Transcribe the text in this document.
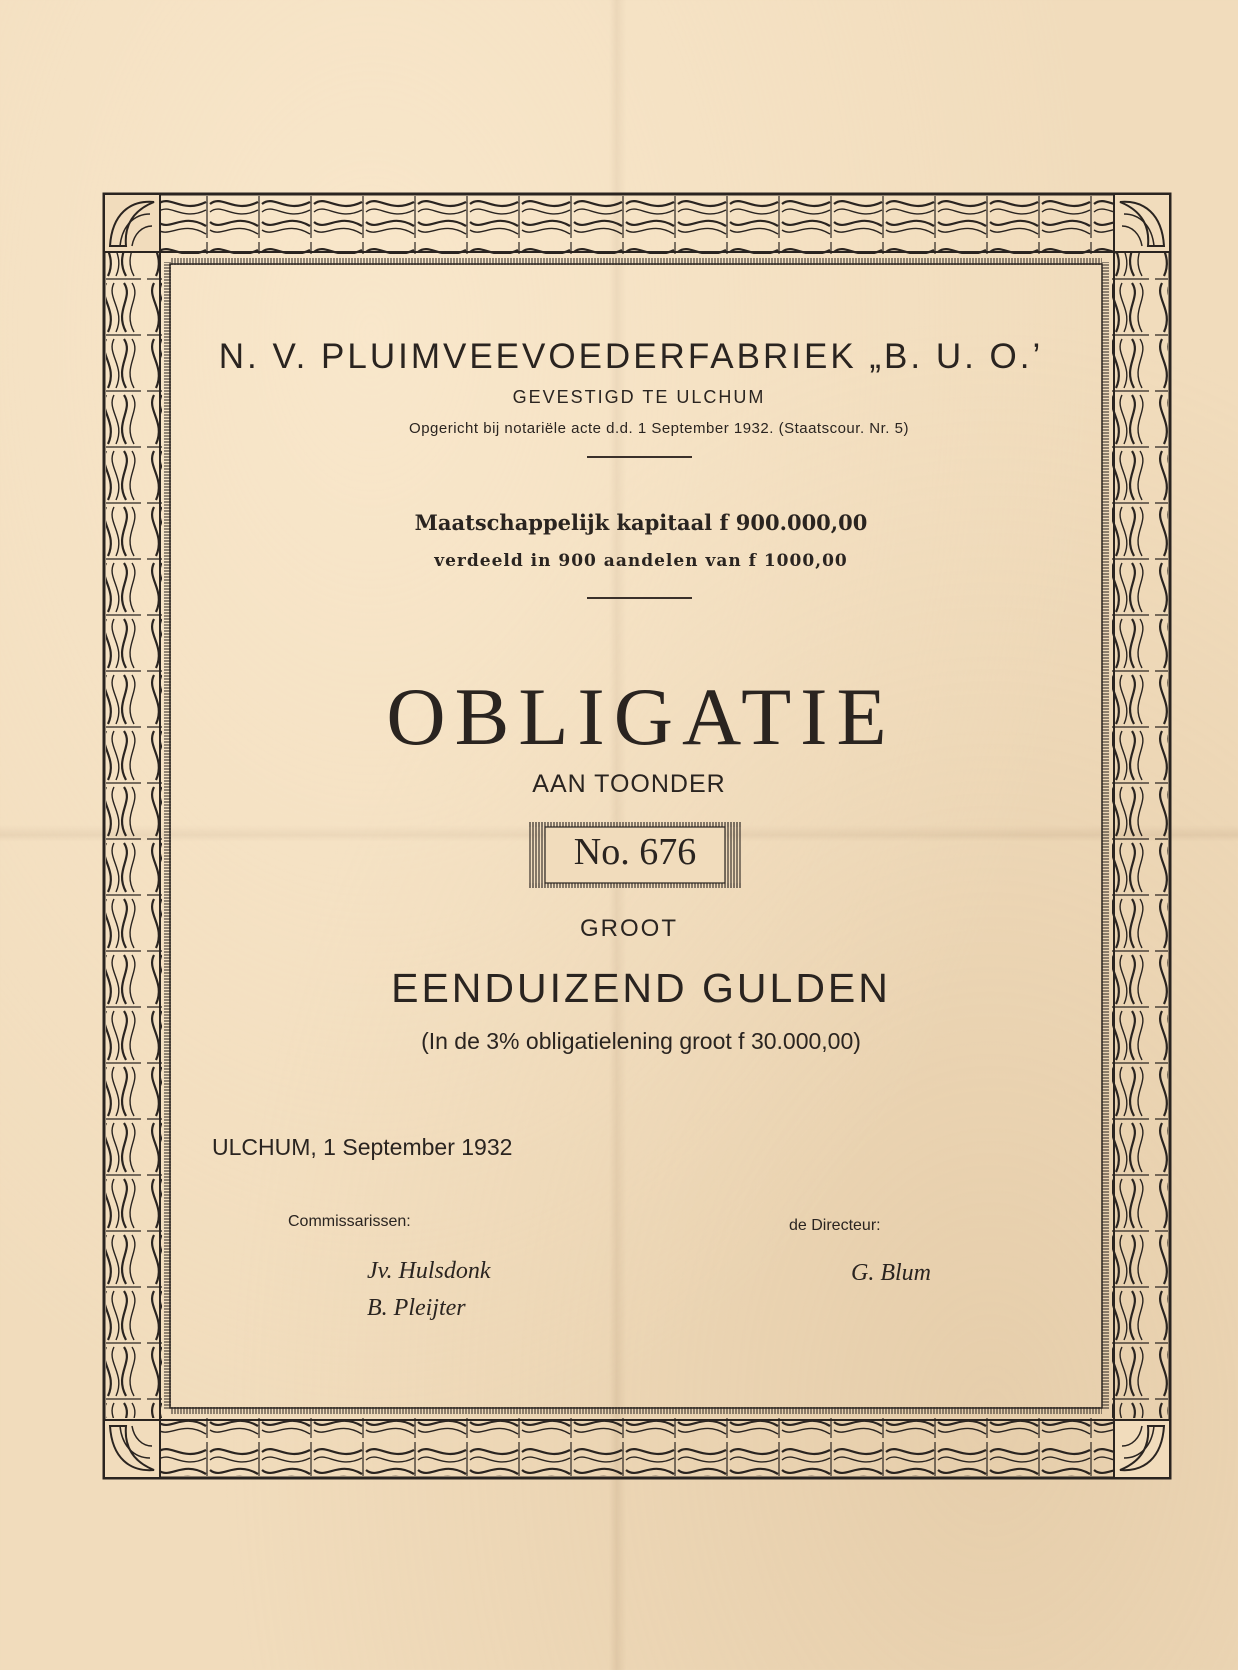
N. V. PLUIMVEEVOEDERFABRIEK „B. U. O.’
GEVESTIGD TE ULCHUM
Opgericht bij notariële acte d.d. 1 September 1932. (Staatscour. Nr. 5)
Maatschappelijk kapitaal f 900.000,00
verdeeld in 900 aandelen van f 1000,00
OBLIGATIE
AAN TOONDER
No. 676
GROOT
EENDUIZEND GULDEN
(In de 3% obligatielening groot f 30.000,00)
ULCHUM, 1 September 1932
Commissarissen:	de Directeur:
Jv. Hulsdonk
B. Pleijter
G. Blum
